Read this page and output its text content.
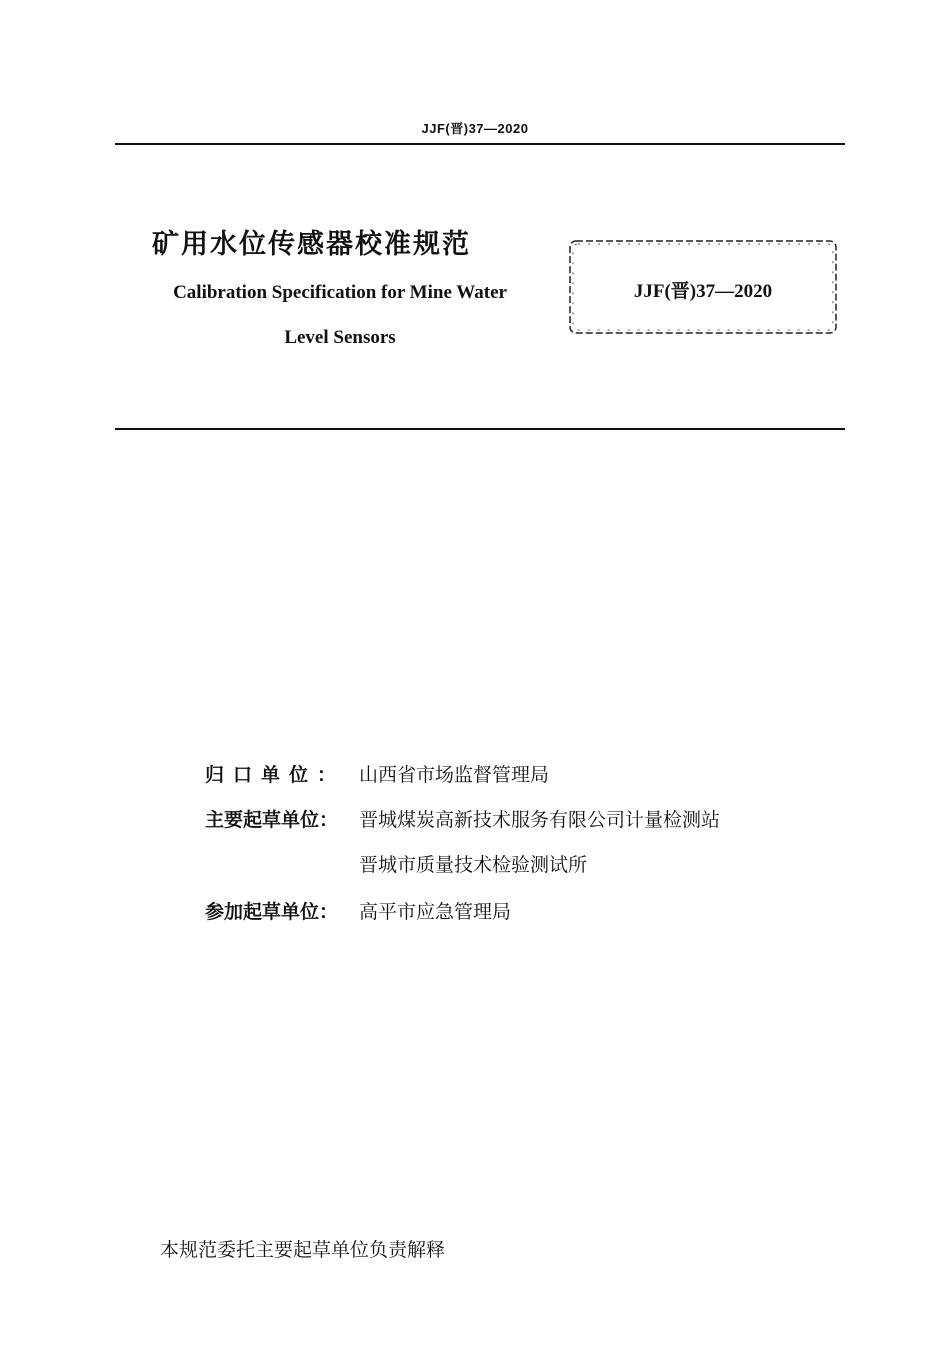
JJF(晋)37—2020
矿用水位传感器校准规范
Calibration Specification for Mine Water
Level Sensors
JJF(晋)37—2020
归口单位： 山西省市场监督管理局
主要起草单位： 晋城煤炭高新技术服务有限公司计量检测站
晋城市质量技术检验测试所
参加起草单位： 高平市应急管理局
本规范委托主要起草单位负责解释
